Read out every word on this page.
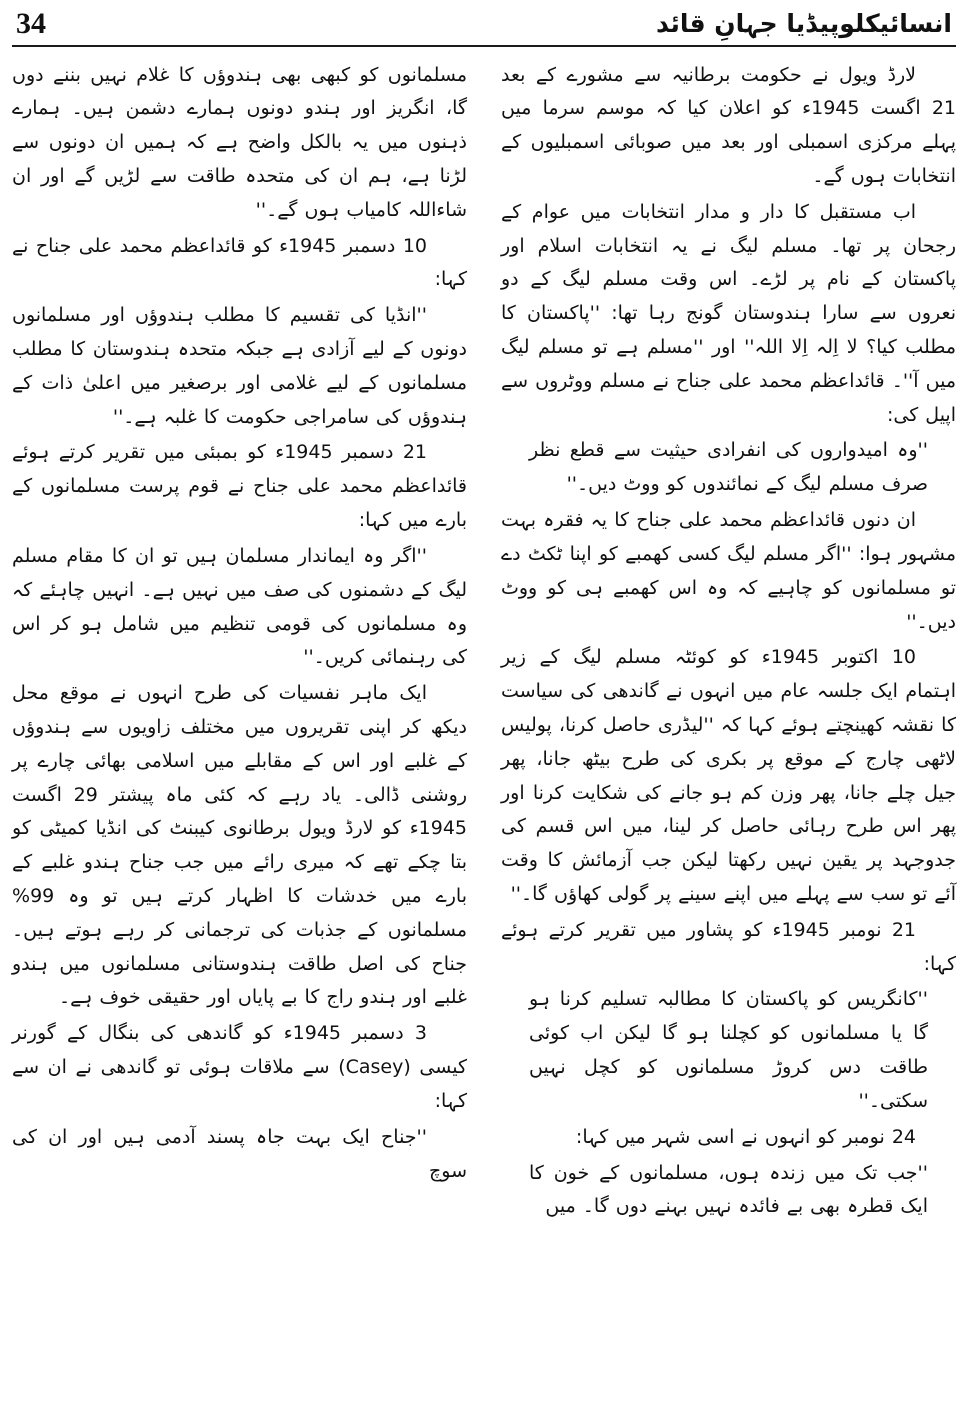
34	انسائیکلوپیڈیا جہانِ قائد

لارڈ ویول نے حکومت برطانیہ سے مشورے کے بعد 21 اگست 1945ء کو اعلان کیا کہ موسم سرما میں پہلے مرکزی اسمبلی اور بعد میں صوبائی اسمبلیوں کے انتخابات ہوں گے۔

اب مستقبل کا دار و مدار انتخابات میں عوام کے رجحان پر تھا۔ مسلم لیگ نے یہ انتخابات اسلام اور پاکستان کے نام پر لڑے۔ اس وقت مسلم لیگ کے دو نعروں سے سارا ہندوستان گونج رہا تھا: ''پاکستان کا مطلب کیا؟ لا اِلہ اِلا اللہ'' اور ''مسلم ہے تو مسلم لیگ میں آ''۔ قائداعظم محمد علی جناح نے مسلم ووٹروں سے اپیل کی:

''وہ امیدواروں کی انفرادی حیثیت سے قطع نظر صرف مسلم لیگ کے نمائندوں کو ووٹ دیں۔''

ان دنوں قائداعظم محمد علی جناح کا یہ فقرہ بہت مشہور ہوا: ''اگر مسلم لیگ کسی کھمبے کو اپنا ٹکٹ دے تو مسلمانوں کو چاہیے کہ وہ اس کھمبے ہی کو ووٹ دیں۔''

10 اکتوبر 1945ء کو کوئٹہ مسلم لیگ کے زیر اہتمام ایک جلسہ عام میں انہوں نے گاندھی کی سیاست کا نقشہ کھینچتے ہوئے کہا کہ ''لیڈری حاصل کرنا، پولیس لاٹھی چارج کے موقع پر بکری کی طرح بیٹھ جانا، پھر جیل چلے جانا، پھر وزن کم ہو جانے کی شکایت کرنا اور پھر اس طرح رہائی حاصل کر لینا، میں اس قسم کی جدوجہد پر یقین نہیں رکھتا لیکن جب آزمائش کا وقت آئے تو سب سے پہلے میں اپنے سینے پر گولی کھاؤں گا۔''

21 نومبر 1945ء کو پشاور میں تقریر کرتے ہوئے کہا:

''کانگریس کو پاکستان کا مطالبہ تسلیم کرنا ہو گا یا مسلمانوں کو کچلنا ہو گا لیکن اب کوئی طاقت دس کروڑ مسلمانوں کو کچل نہیں سکتی۔''

24 نومبر کو انہوں نے اسی شہر میں کہا:

''جب تک میں زندہ ہوں، مسلمانوں کے خون کا ایک قطرہ بھی بے فائدہ نہیں بہنے دوں گا۔ میں

مسلمانوں کو کبھی بھی ہندوؤں کا غلام نہیں بننے دوں گا، انگریز اور ہندو دونوں ہمارے دشمن ہیں۔ ہمارے ذہنوں میں یہ بالکل واضح ہے کہ ہمیں ان دونوں سے لڑنا ہے، ہم ان کی متحدہ طاقت سے لڑیں گے اور ان شاءاللہ کامیاب ہوں گے۔''

10 دسمبر 1945ء کو قائداعظم محمد علی جناح نے کہا:

''انڈیا کی تقسیم کا مطلب ہندوؤں اور مسلمانوں دونوں کے لیے آزادی ہے جبکہ متحدہ ہندوستان کا مطلب مسلمانوں کے لیے غلامی اور برصغیر میں اعلیٰ ذات کے ہندوؤں کی سامراجی حکومت کا غلبہ ہے۔''

21 دسمبر 1945ء کو بمبئی میں تقریر کرتے ہوئے قائداعظم محمد علی جناح نے قوم پرست مسلمانوں کے بارے میں کہا:

''اگر وہ ایماندار مسلمان ہیں تو ان کا مقام مسلم لیگ کے دشمنوں کی صف میں نہیں ہے۔ انہیں چاہئے کہ وہ مسلمانوں کی قومی تنظیم میں شامل ہو کر اس کی رہنمائی کریں۔''

ایک ماہر نفسیات کی طرح انہوں نے موقع محل دیکھ کر اپنی تقریروں میں مختلف زاویوں سے ہندوؤں کے غلبے اور اس کے مقابلے میں اسلامی بھائی چارے پر روشنی ڈالی۔ یاد رہے کہ کئی ماہ پیشتر 29 اگست 1945ء کو لارڈ ویول برطانوی کیبنٹ کی انڈیا کمیٹی کو بتا چکے تھے کہ میری رائے میں جب جناح ہندو غلبے کے بارے میں خدشات کا اظہار کرتے ہیں تو وہ 99% مسلمانوں کے جذبات کی ترجمانی کر رہے ہوتے ہیں۔ جناح کی اصل طاقت ہندوستانی مسلمانوں میں ہندو غلبے اور ہندو راج کا بے پایاں اور حقیقی خوف ہے۔

3 دسمبر 1945ء کو گاندھی کی بنگال کے گورنر کیسی (Casey) سے ملاقات ہوئی تو گاندھی نے ان سے کہا:

''جناح ایک بہت جاہ پسند آدمی ہیں اور ان کی سوچ
